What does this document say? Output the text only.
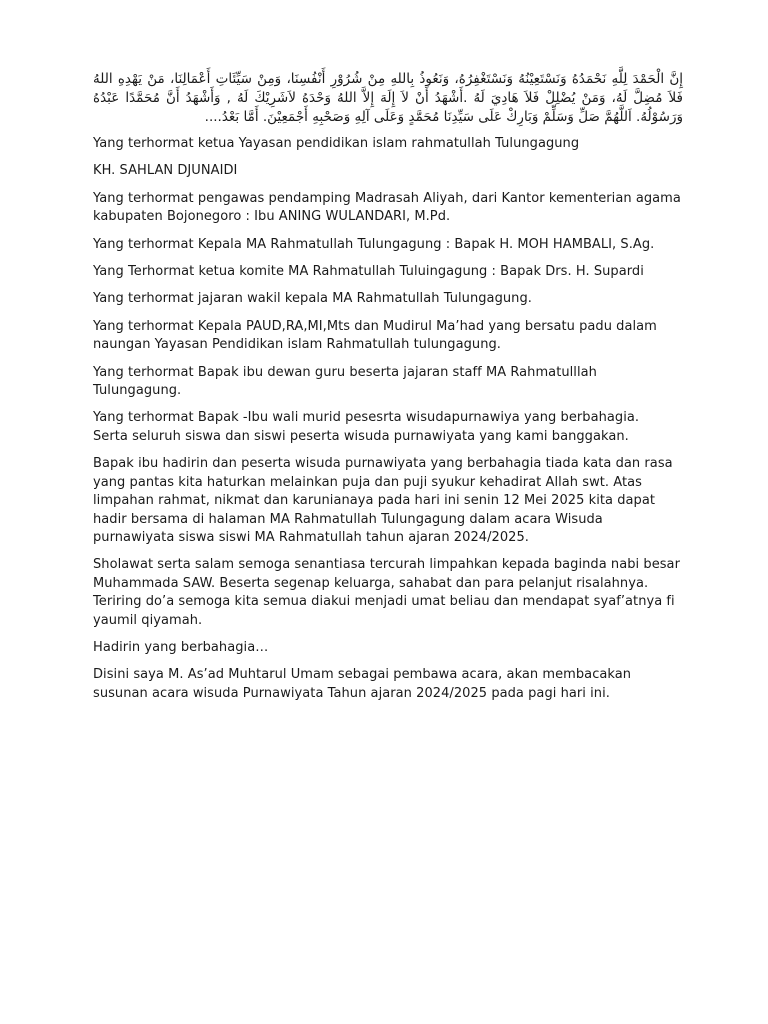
إِنَّ الْحَمْدَ لِلَّهِ نَحْمَدُهُ وَنَسْتَعِيْنُهُ وَنَسْتَغْفِرُهُ، وَنَعُوذُ بِاللهِ مِنْ شُرُوْرِ أَنْفُسِنَا، وَمِنْ سَيِّئَاتِ أَعْمَالِنَا، مَنْ يَهْدِهِ اللهُ فَلاَ مُضِلَّ لَهُ، وَمَنْ يُضْلِلْ فَلاَ هَادِيَ لَهُ .أَشْهَدُ أَنْ لاَ إِلَهَ إِلاَّ اللهُ وَحْدَهُ لاَشَرِيْكَ لَهُ , وَأَشْهَدُ أَنَّ مُحَمَّدًا عَبْدُهُ وَرَسُوْلُهُ. اَللَّهُمَّ صَلِّ وَسَلِّمْ وَبَارِكْ عَلَى سَيِّدِنَا مُحَمَّدٍ وَعَلَى آلِهِ وَصَحْبِهِ أَجْمَعِيْنَ. أَمَّا بَعْدُ....

Yang terhormat ketua Yayasan pendidikan islam rahmatullah Tulungagung

KH. SAHLAN DJUNAIDI

Yang terhormat pengawas pendamping Madrasah Aliyah, dari Kantor kementerian agama kabupaten Bojonegoro : Ibu ANING WULANDARI, M.Pd.

Yang terhormat Kepala MA Rahmatullah Tulungagung : Bapak H. MOH HAMBALI, S.Ag.

Yang Terhormat ketua komite MA Rahmatullah Tuluingagung : Bapak Drs. H. Supardi

Yang terhormat jajaran wakil kepala MA Rahmatullah Tulungagung.

Yang terhormat Kepala PAUD,RA,MI,Mts dan Mudirul Ma’had yang bersatu padu dalam naungan Yayasan Pendidikan islam Rahmatullah tulungagung.

Yang terhormat Bapak ibu dewan guru beserta jajaran staff MA Rahmatulllah Tulungagung.

Yang terhormat Bapak -Ibu wali murid pesesrta wisudapurnawiya yang berbahagia.
Serta seluruh siswa dan siswi peserta wisuda purnawiyata yang kami banggakan.

Bapak ibu hadirin dan peserta wisuda purnawiyata yang berbahagia tiada kata dan rasa yang pantas kita haturkan melainkan puja dan puji syukur kehadirat Allah swt. Atas limpahan rahmat, nikmat dan karunianaya pada hari ini senin 12 Mei 2025 kita dapat hadir bersama di halaman MA Rahmatullah Tulungagung dalam acara Wisuda purnawiyata siswa siswi MA Rahmatullah tahun ajaran 2024/2025.

Sholawat serta salam semoga senantiasa tercurah limpahkan kepada baginda nabi besar Muhammada SAW. Beserta segenap keluarga, sahabat dan para pelanjut risalahnya. Teriring do’a semoga kita semua diakui menjadi umat beliau dan mendapat syaf’atnya fi yaumil qiyamah.

Hadirin yang berbahagia…

Disini saya M. As’ad Muhtarul Umam sebagai pembawa acara, akan membacakan susunan acara wisuda Purnawiyata Tahun ajaran 2024/2025 pada pagi hari ini.
